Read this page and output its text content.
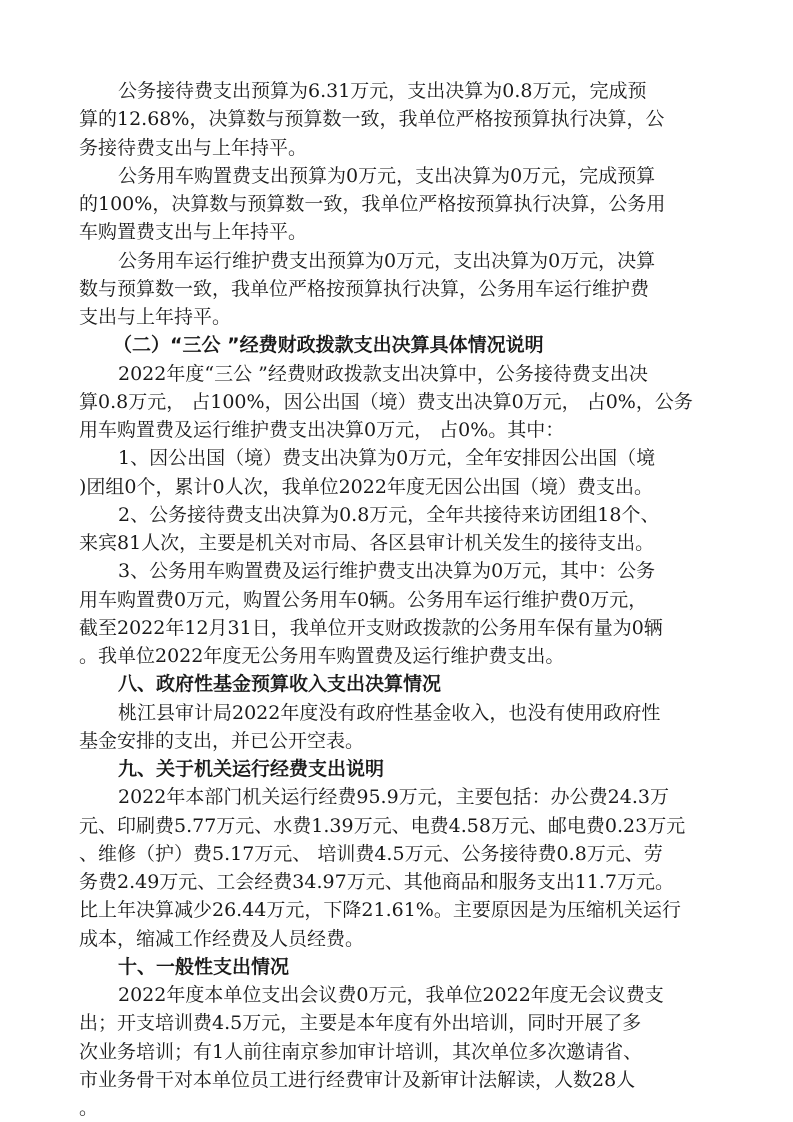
公务接待费支出预算为6.31万元，支出决算为0.8万元，完成预
算的12.68%，决算数与预算数一致，我单位严格按预算执行决算，公
务接待费支出与上年持平。
公务用车购置费支出预算为0万元，支出决算为0万元，完成预算
的100%，决算数与预算数一致，我单位严格按预算执行决算，公务用
车购置费支出与上年持平。
公务用车运行维护费支出预算为0万元，支出决算为0万元，决算
数与预算数一致，我单位严格按预算执行决算，公务用车运行维护费
支出与上年持平。
（二）“三公 ”经费财政拨款支出决算具体情况说明
2022年度“三公 ”经费财政拨款支出决算中，公务接待费支出决
算0.8万元， 占100%，因公出国（境）费支出决算0万元， 占0%，公务
用车购置费及运行维护费支出决算0万元， 占0%。其中：
1、因公出国（境）费支出决算为0万元，全年安排因公出国（境
)团组0个，累计0人次，我单位2022年度无因公出国（境）费支出。
2、公务接待费支出决算为0.8万元，全年共接待来访团组18个、
来宾81人次，主要是机关对市局、各区县审计机关发生的接待支出。
3、公务用车购置费及运行维护费支出决算为0万元，其中：公务
用车购置费0万元，购置公务用车0辆。公务用车运行维护费0万元，
截至2022年12月31日，我单位开支财政拨款的公务用车保有量为0辆
。我单位2022年度无公务用车购置费及运行维护费支出。
八、政府性基金预算收入支出决算情况
桃江县审计局2022年度没有政府性基金收入，也没有使用政府性
基金安排的支出，并已公开空表。
九、关于机关运行经费支出说明
2022年本部门机关运行经费95.9万元，主要包括：办公费24.3万
元、印刷费5.77万元、水费1.39万元、电费4.58万元、邮电费0.23万元
、维修（护）费5.17万元、 培训费4.5万元、公务接待费0.8万元、劳
务费2.49万元、工会经费34.97万元、其他商品和服务支出11.7万元。
比上年决算减少26.44万元，下降21.61%。主要原因是为压缩机关运行
成本，缩减工作经费及人员经费。
十、一般性支出情况
2022年度本单位支出会议费0万元，我单位2022年度无会议费支
出；开支培训费4.5万元，主要是本年度有外出培训，同时开展了多
次业务培训；有1人前往南京参加审计培训，其次单位多次邀请省、
市业务骨干对本单位员工进行经费审计及新审计法解读，人数28人
。
